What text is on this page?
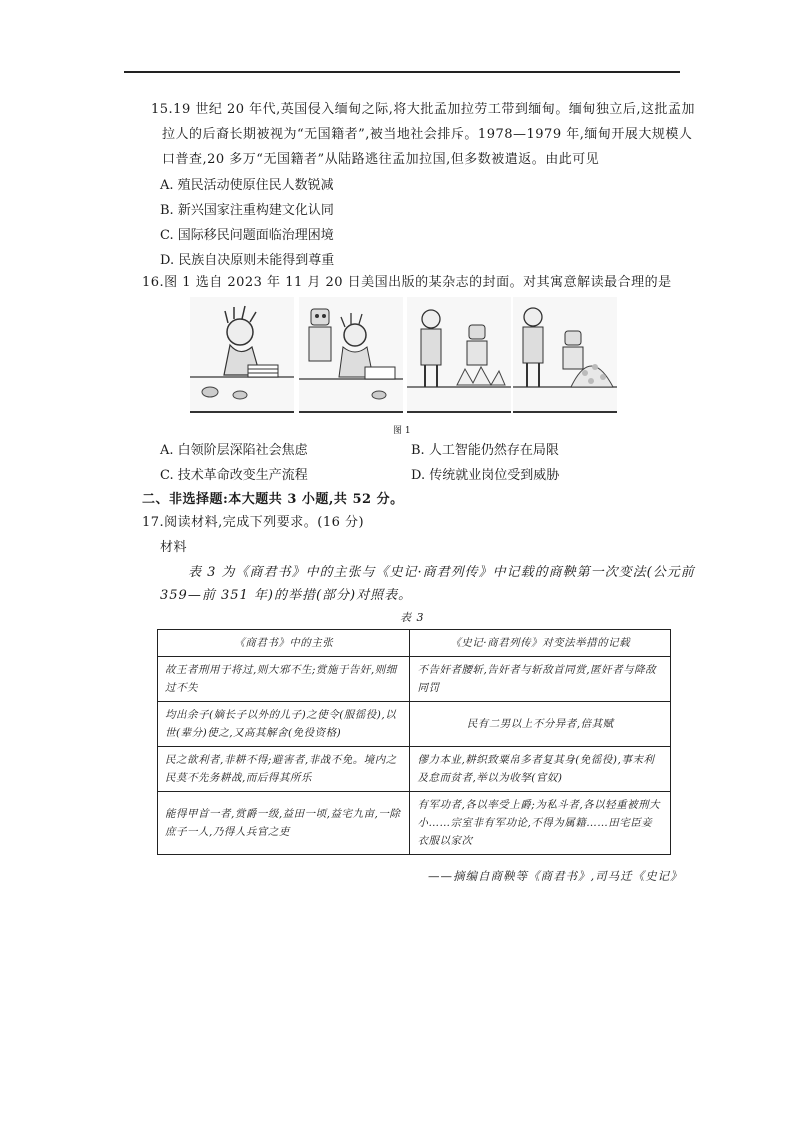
15.19 世纪 20 年代,英国侵入缅甸之际,将大批孟加拉劳工带到缅甸。缅甸独立后,这批孟加
拉人的后裔长期被视为“无国籍者”,被当地社会排斥。1978—1979 年,缅甸开展大规模人
口普查,20 多万“无国籍者”从陆路逃往孟加拉国,但多数被遣返。由此可见
A. 殖民活动使原住民人数锐减
B. 新兴国家注重构建文化认同
C. 国际移民问题面临治理困境
D. 民族自决原则未能得到尊重
16.图 1 选自 2023 年 11 月 20 日美国出版的某杂志的封面。对其寓意解读最合理的是
图 1
A. 白领阶层深陷社会焦虑	B. 人工智能仍然存在局限
C. 技术革命改变生产流程	D. 传统就业岗位受到威胁
二、非选择题:本大题共 3 小题,共 52 分。
17.阅读材料,完成下列要求。(16 分)
材料
表 3 为《商君书》中的主张与《史记·商君列传》中记载的商鞅第一次变法(公元前
359—前 351 年)的举措(部分)对照表。
表 3
《商君书》中的主张	《史记·商君列传》对变法举措的记载
故王者刑用于将过,则大邪不生;赏施于告奸,则细过不失	不告奸者腰斩,告奸者与斩敌首同赏,匿奸者与降敌同罚
均出余子(嫡长子以外的儿子)之使令(服徭役),以世(辈分)使之,又高其解舍(免役资格)	民有二男以上不分异者,倍其赋
民之欲利者,非耕不得;避害者,非战不免。境内之民莫不先务耕战,而后得其所乐	僇力本业,耕织致粟帛多者复其身(免徭役),事末利及怠而贫者,举以为收孥(官奴)
能得甲首一者,赏爵一级,益田一顷,益宅九亩,一除庶子一人,乃得人兵官之吏	有军功者,各以率受上爵;为私斗者,各以轻重被刑大小……宗室非有军功论,不得为属籍……田宅臣妾衣服以家次
——摘编自商鞅等《商君书》,司马迁《史记》
